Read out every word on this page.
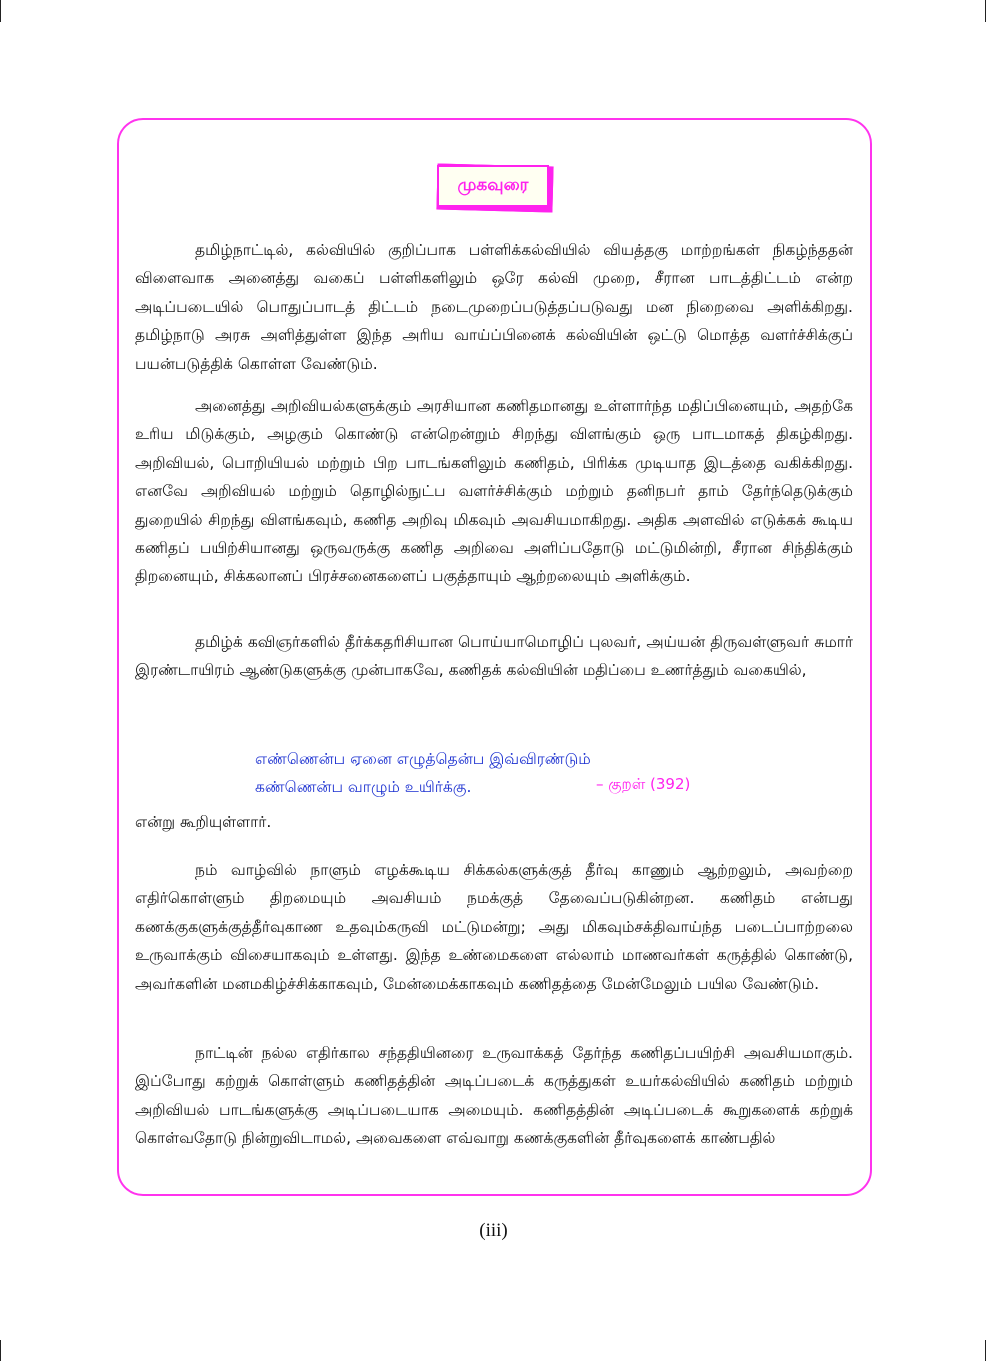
முகவுரை

தமிழ்நாட்டில், கல்வியில் குறிப்பாக பள்ளிக்கல்வியில் வியத்தகு மாற்றங்கள் நிகழ்ந்ததன் விளைவாக அனைத்து வகைப் பள்ளிகளிலும் ஒரே கல்வி முறை, சீரான பாடத்திட்டம் என்ற அடிப்படையில் பொதுப்பாடத் திட்டம் நடைமுறைப்படுத்தப்படுவது மன நிறைவை அளிக்கிறது. தமிழ்நாடு அரசு அளித்துள்ள இந்த அரிய வாய்ப்பினைக் கல்வியின் ஒட்டு மொத்த வளர்ச்சிக்குப் பயன்படுத்திக் கொள்ள வேண்டும்.

அனைத்து அறிவியல்களுக்கும் அரசியான கணிதமானது உள்ளார்ந்த மதிப்பினையும், அதற்கே உரிய மிடுக்கும், அழகும் கொண்டு என்றென்றும் சிறந்து விளங்கும் ஒரு பாடமாகத் திகழ்கிறது. அறிவியல், பொறியியல் மற்றும் பிற பாடங்களிலும் கணிதம், பிரிக்க முடியாத இடத்தை வகிக்கிறது. எனவே அறிவியல் மற்றும் தொழில்நுட்ப வளர்ச்சிக்கும் மற்றும் தனிநபர் தாம் தேர்ந்தெடுக்கும் துறையில் சிறந்து விளங்கவும், கணித அறிவு மிகவும் அவசியமாகிறது. அதிக அளவில் எடுக்கக் கூடிய கணிதப் பயிற்சியானது ஒருவருக்கு கணித அறிவை அளிப்பதோடு மட்டுமின்றி, சீரான சிந்திக்கும் திறனையும், சிக்கலானப் பிரச்சனைகளைப் பகுத்தாயும் ஆற்றலையும் அளிக்கும்.

தமிழ்க் கவிஞர்களில் தீர்க்கதரிசியான பொய்யாமொழிப் புலவர், அய்யன் திருவள்ளுவர் சுமார் இரண்டாயிரம் ஆண்டுகளுக்கு முன்பாகவே, கணிதக் கல்வியின் மதிப்பை உணர்த்தும் வகையில்,

எண்ணென்ப ஏனை எழுத்தென்ப இவ்விரண்டும்
கண்ணென்ப வாழும் உயிர்க்கு.	– குறள் (392)

என்று கூறியுள்ளார்.

நம் வாழ்வில் நாளும் எழக்கூடிய சிக்கல்களுக்குத் தீர்வு காணும் ஆற்றலும், அவற்றை எதிர்கொள்ளும் திறமையும் அவசியம் நமக்குத் தேவைப்படுகின்றன. கணிதம் என்பது கணக்குகளுக்குத்தீர்வுகாண உதவும்கருவி மட்டுமன்று; அது மிகவும்சக்திவாய்ந்த படைப்பாற்றலை உருவாக்கும் விசையாகவும் உள்ளது. இந்த உண்மைகளை எல்லாம் மாணவர்கள் கருத்தில் கொண்டு, அவர்களின் மனமகிழ்ச்சிக்காகவும், மேன்மைக்காகவும் கணிதத்தை மேன்மேலும் பயில வேண்டும்.

நாட்டின் நல்ல எதிர்கால சந்ததியினரை உருவாக்கத் தேர்ந்த கணிதப்பயிற்சி அவசியமாகும். இப்போது கற்றுக் கொள்ளும் கணிதத்தின் அடிப்படைக் கருத்துகள் உயர்கல்வியில் கணிதம் மற்றும் அறிவியல் பாடங்களுக்கு அடிப்படையாக அமையும். கணிதத்தின் அடிப்படைக் கூறுகளைக் கற்றுக் கொள்வதோடு நின்றுவிடாமல், அவைகளை எவ்வாறு கணக்குகளின் தீர்வுகளைக் காண்பதில்

(iii)
